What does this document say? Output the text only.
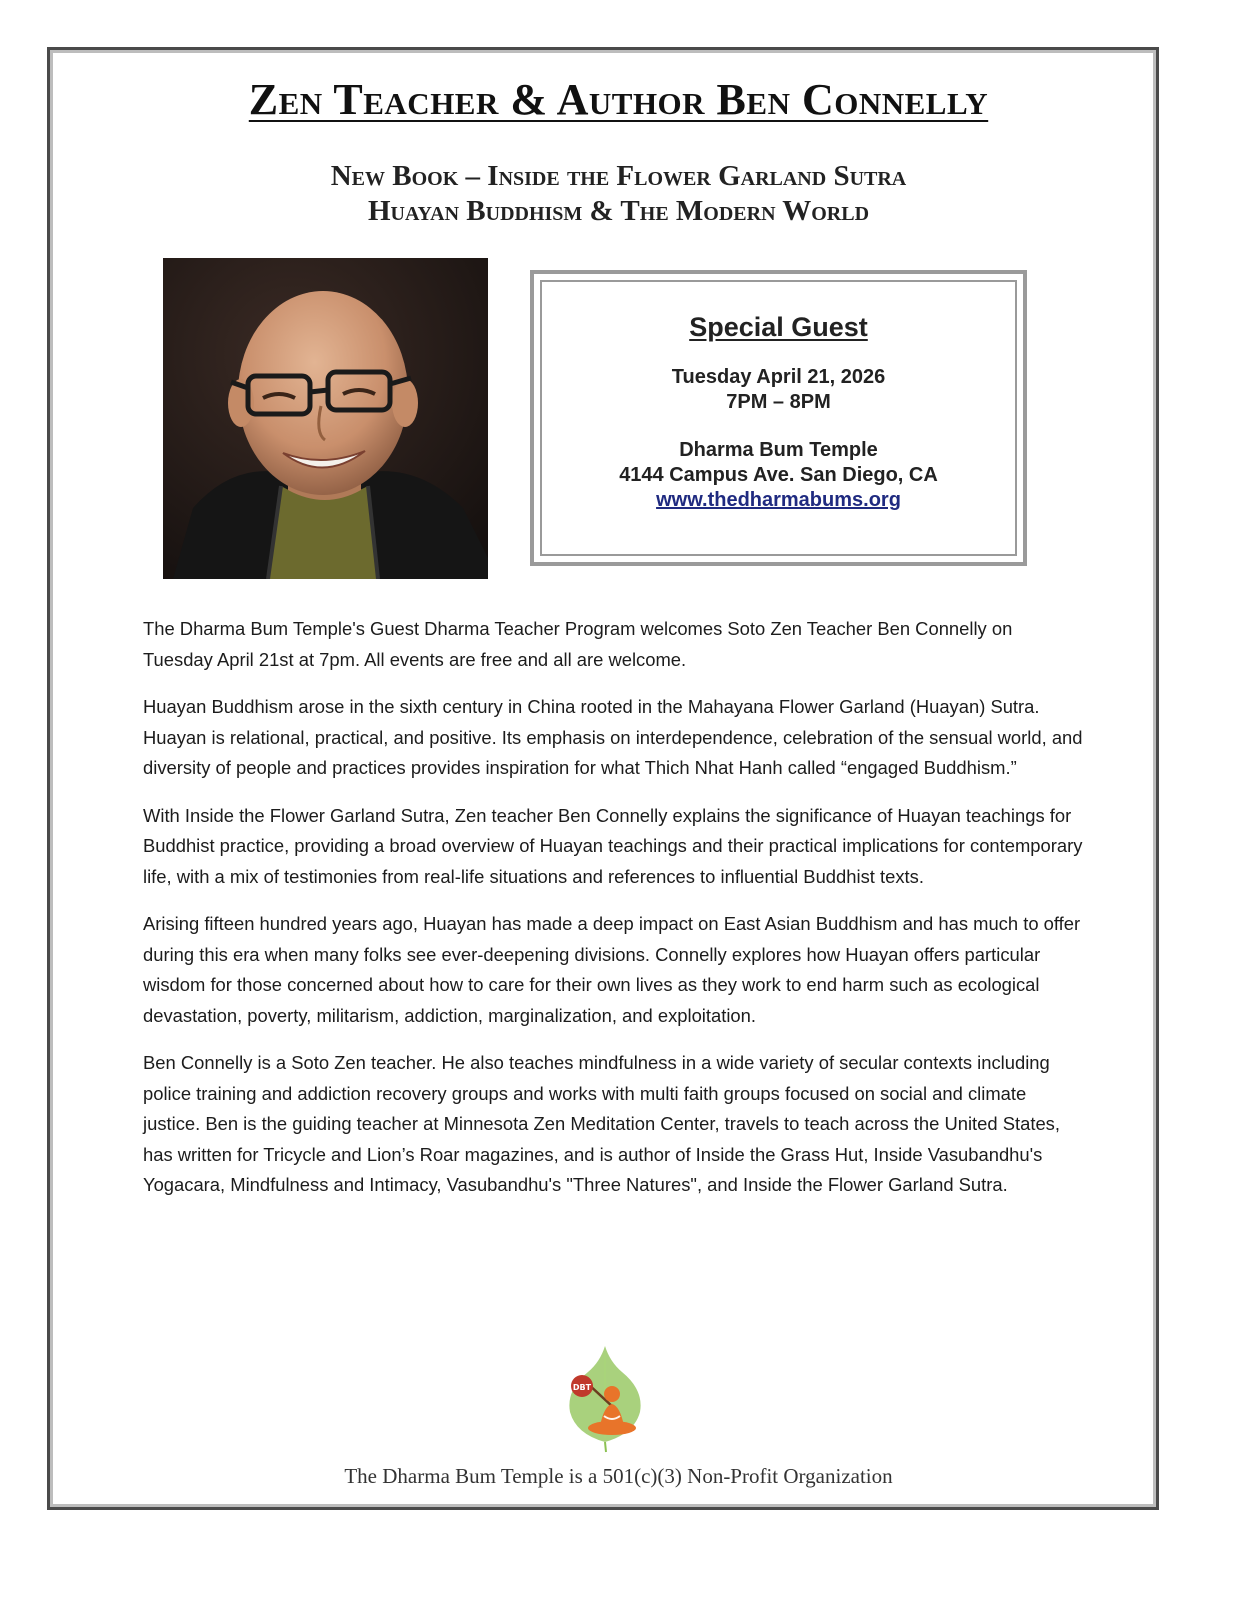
Zen Teacher & Author Ben Connelly
New Book – Inside the Flower Garland Sutra
Huayan Buddhism & The Modern World
Special Guest
Tuesday April 21, 2026
7PM – 8PM
Dharma Bum Temple
4144 Campus Ave. San Diego, CA
www.thedharmabums.org

The Dharma Bum Temple's Guest Dharma Teacher Program welcomes Soto Zen Teacher Ben Connelly on Tuesday April 21st at 7pm. All events are free and all are welcome.

Huayan Buddhism arose in the sixth century in China rooted in the Mahayana Flower Garland (Huayan) Sutra. Huayan is relational, practical, and positive. Its emphasis on interdependence, celebration of the sensual world, and diversity of people and practices provides inspiration for what Thich Nhat Hanh called “engaged Buddhism.”

With Inside the Flower Garland Sutra, Zen teacher Ben Connelly explains the significance of Huayan teachings for Buddhist practice, providing a broad overview of Huayan teachings and their practical implications for contemporary life, with a mix of testimonies from real-life situations and references to influential Buddhist texts.

Arising fifteen hundred years ago, Huayan has made a deep impact on East Asian Buddhism and has much to offer during this era when many folks see ever-deepening divisions. Connelly explores how Huayan offers particular wisdom for those concerned about how to care for their own lives as they work to end harm such as ecological devastation, poverty, militarism, addiction, marginalization, and exploitation.

Ben Connelly is a Soto Zen teacher. He also teaches mindfulness in a wide variety of secular contexts including police training and addiction recovery groups and works with multi faith groups focused on social and climate justice. Ben is the guiding teacher at Minnesota Zen Meditation Center, travels to teach across the United States, has written for Tricycle and Lion’s Roar magazines, and is author of Inside the Grass Hut, Inside Vasubandhu's Yogacara, Mindfulness and Intimacy, Vasubandhu's "Three Natures", and Inside the Flower Garland Sutra.

DBT
The Dharma Bum Temple is a 501(c)(3) Non-Profit Organization
